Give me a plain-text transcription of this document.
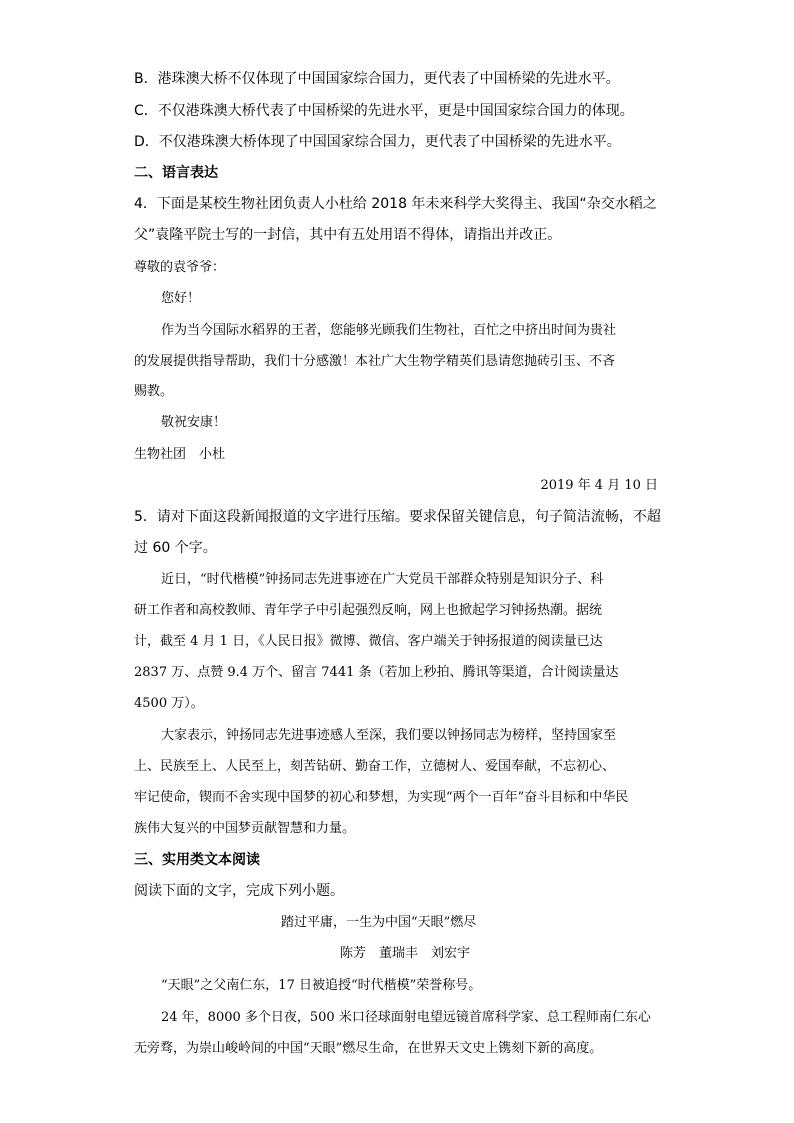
B．港珠澳大桥不仅体现了中国国家综合国力，更代表了中国桥梁的先进水平。
C．不仅港珠澳大桥代表了中国桥梁的先进水平，更是中国国家综合国力的体现。
D．不仅港珠澳大桥体现了中国国家综合国力，更代表了中国桥梁的先进水平。
二、语言表达
4．下面是某校生物社团负责人小杜给 2018 年未来科学大奖得主、我国“杂交水稻之
父”袁隆平院士写的一封信，其中有五处用语不得体，请指出并改正。
尊敬的袁爷爷：
您好！
作为当今国际水稻界的王者，您能够光顾我们生物社，百忙之中挤出时间为贵社
的发展提供指导帮助，我们十分感激！本社广大生物学精英们恳请您抛砖引玉、不吝
赐教。
敬祝安康！
生物社团　小杜
2019 年 4 月 10 日
5．请对下面这段新闻报道的文字进行压缩。要求保留关键信息，句子简洁流畅，不超
过 60 个字。
近日，“时代楷模”钟扬同志先进事迹在广大党员干部群众特别是知识分子、科
研工作者和高校教师、青年学子中引起强烈反响，网上也掀起学习钟扬热潮。据统
计，截至 4 月 1 日，《人民日报》微博、微信、客户端关于钟扬报道的阅读量已达
2837 万、点赞 9.4 万个、留言 7441 条（若加上秒拍、腾讯等渠道，合计阅读量达
4500 万）。
大家表示，钟扬同志先进事迹感人至深，我们要以钟扬同志为榜样，坚持国家至
上、民族至上、人民至上，刻苦钻研、勤奋工作，立德树人、爱国奉献，不忘初心、
牢记使命，锲而不舍实现中国梦的初心和梦想，为实现“两个一百年”奋斗目标和中华民
族伟大复兴的中国梦贡献智慧和力量。
三、实用类文本阅读
阅读下面的文字，完成下列小题。
踏过平庸，一生为中国“天眼”燃尽
陈芳　董瑞丰　刘宏宇
“天眼”之父南仁东，17 日被追授“时代楷模”荣誉称号。
24 年，8000 多个日夜，500 米口径球面射电望远镜首席科学家、总工程师南仁东心
无旁骛，为崇山峻岭间的中国“天眼”燃尽生命，在世界天文史上镌刻下新的高度。
